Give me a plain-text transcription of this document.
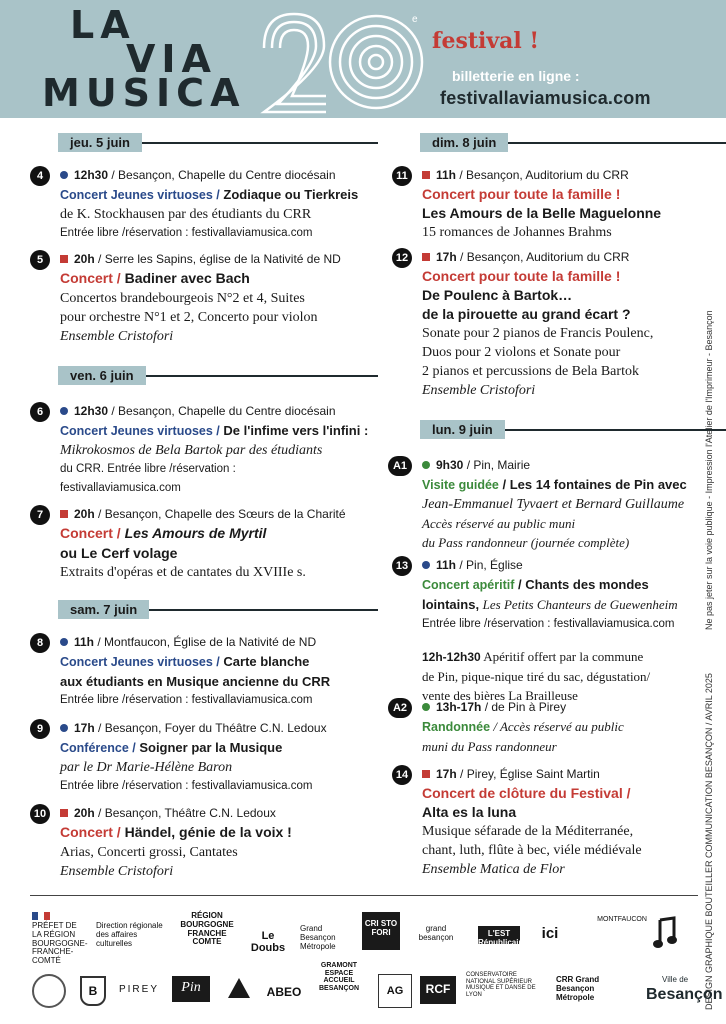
LA
VIA
MUSICA
e
20
festival !
billetterie en ligne :
festivallaviamusica.com
jeu. 5 juin
4	12h30 / Besançon, Chapelle du Centre diocésain
Concert Jeunes virtuoses / Zodiaque ou Tierkreis
de K. Stockhausen par des étudiants du CRR
Entrée libre /réservation : festivallaviamusica.com
5	20h / Serre les Sapins, église de la Nativité de ND
Concert / Badiner avec Bach
Concertos brandebourgeois N°2 et 4, Suites
pour orchestre N°1 et 2, Concerto pour violon
Ensemble Cristofori
ven. 6 juin
6	12h30 / Besançon, Chapelle du Centre diocésain
Concert Jeunes virtuoses / De l'infime vers l'infini :
Mikrokosmos de Bela Bartok par des étudiants
du CRR. Entrée libre /réservation :
festivallaviamusica.com
7	20h / Besançon, Chapelle des Sœurs de la Charité
Concert / Les Amours de Myrtil
ou Le Cerf volage
Extraits d'opéras et de cantates du XVIIIe s.
sam. 7 juin
8	11h / Montfaucon, Église de la Nativité de ND
Concert Jeunes virtuoses / Carte blanche
aux étudiants en Musique ancienne du CRR
Entrée libre /réservation : festivallaviamusica.com
9	17h / Besançon, Foyer du Théâtre C.N. Ledoux
Conférence / Soigner par la Musique
par le Dr Marie-Hélène Baron
Entrée libre /réservation : festivallaviamusica.com
10	20h / Besançon, Théâtre C.N. Ledoux
Concert / Händel, génie de la voix !
Arias, Concerti grossi, Cantates
Ensemble Cristofori
dim. 8 juin
11	11h / Besançon, Auditorium du CRR
Concert pour toute la famille !
Les Amours de la Belle Maguelonne
15 romances de Johannes Brahms
12	17h / Besançon, Auditorium du CRR
Concert pour toute la famille !
De Poulenc à Bartok…
de la pirouette au grand écart ?
Sonate pour 2 pianos de Francis Poulenc,
Duos pour 2 violons et Sonate pour
2 pianos et percussions de Bela Bartok
Ensemble Cristofori
lun. 9 juin
A1	9h30 / Pin, Mairie
Visite guidée / Les 14 fontaines de Pin avec
Jean-Emmanuel Tyvaert et Bernard Guillaume
Accès réservé au public muni
du Pass randonneur (journée complète)
13	11h / Pin, Église
Concert apéritif / Chants des mondes
lointains, Les Petits Chanteurs de Guewenheim
Entrée libre /réservation : festivallaviamusica.com
12h-12h30 Apéritif offert par la commune
de Pin, pique-nique tiré du sac, dégustation/
vente des bières La Brailleuse
A2	13h-17h / de Pin à Pirey
Randonnée / Accès réservé au public
muni du Pass randonneur
14	17h / Pirey, Église Saint Martin
Concert de clôture du Festival /
Alta es la luna
Musique séfarade de la Méditerranée,
chant, luth, flûte à bec, viéle médiévale
Ensemble Matica de Flor
Ne pas jeter sur la voie publique - Impression l'Atelier de l'Imprimeur - Besançon
DESIGN GRAPHIQUE BOUTEILLER COMMUNICATION BESANÇON / AVRIL 2025
PRÉFET DE LA RÉGION BOURGOGNE-FRANCHE-COMTÉ
Direction régionale des affaires culturelles
RÉGION BOURGOGNE FRANCHE COMTE	Le Doubs
Grand Besançon Métropole
CRI STO FORI	grand besançon	L'EST Républicain
ici
MONTFAUCON
B	PIREY	Pin	ABEO
GRAMONT ESPACE ACCUEIL BESANÇON	AG	RCF
CONSERVATOIRE NATIONAL SUPÉRIEUR MUSIQUE ET DANSE DE LYON
CRR Grand Besançon Métropole
Ville de
Besançon
